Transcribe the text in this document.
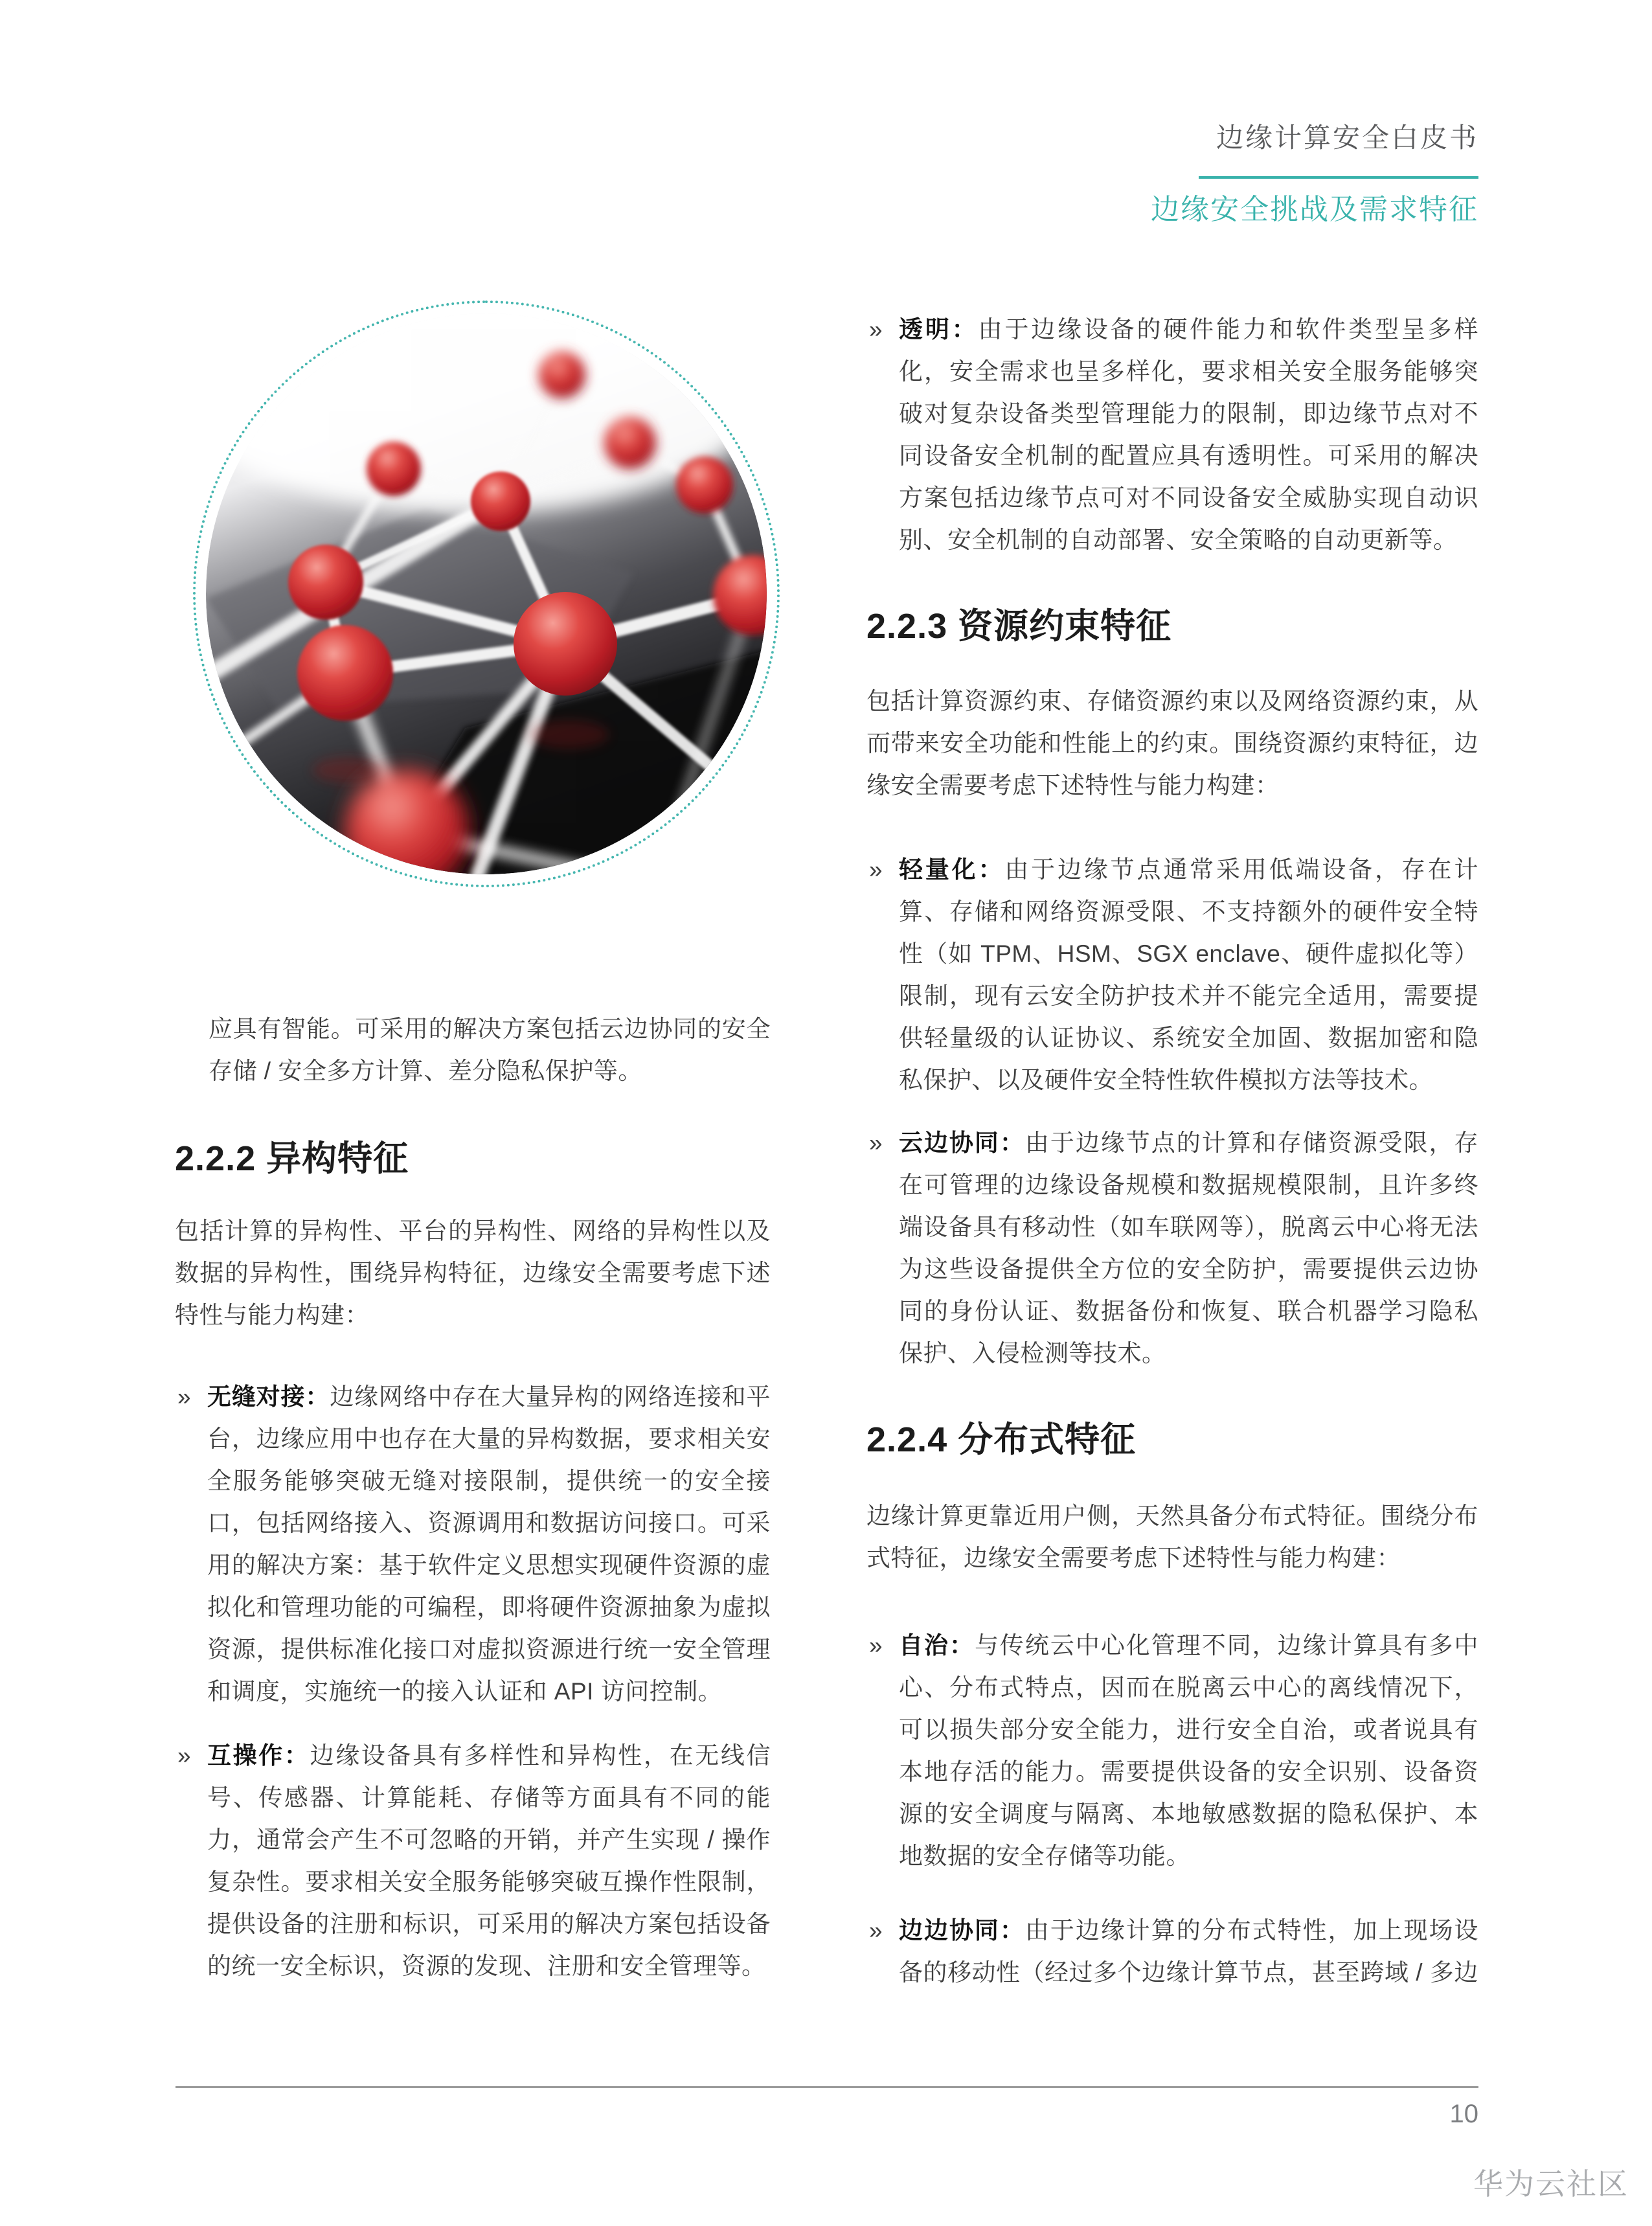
边缘计算安全白皮书
边缘安全挑战及需求特征

应具有智能。可采用的解决方案包括云边协同的安全存储 / 安全多方计算、差分隐私保护等。

2.2.2 异构特征

包括计算的异构性、平台的异构性、网络的异构性以及数据的异构性，围绕异构特征，边缘安全需要考虑下述特性与能力构建：

» 无缝对接：边缘网络中存在大量异构的网络连接和平台，边缘应用中也存在大量的异构数据，要求相关安全服务能够突破无缝对接限制，提供统一的安全接口，包括网络接入、资源调用和数据访问接口。可采用的解决方案：基于软件定义思想实现硬件资源的虚拟化和管理功能的可编程，即将硬件资源抽象为虚拟资源，提供标准化接口对虚拟资源进行统一安全管理和调度，实施统一的接入认证和 API 访问控制。

» 互操作：边缘设备具有多样性和异构性，在无线信号、传感器、计算能耗、存储等方面具有不同的能力，通常会产生不可忽略的开销，并产生实现 / 操作复杂性。要求相关安全服务能够突破互操作性限制，提供设备的注册和标识，可采用的解决方案包括设备的统一安全标识，资源的发现、注册和安全管理等。

» 透明：由于边缘设备的硬件能力和软件类型呈多样化，安全需求也呈多样化，要求相关安全服务能够突破对复杂设备类型管理能力的限制，即边缘节点对不同设备安全机制的配置应具有透明性。可采用的解决方案包括边缘节点可对不同设备安全威胁实现自动识别、安全机制的自动部署、安全策略的自动更新等。

2.2.3 资源约束特征

包括计算资源约束、存储资源约束以及网络资源约束，从而带来安全功能和性能上的约束。围绕资源约束特征，边缘安全需要考虑下述特性与能力构建：

» 轻量化：由于边缘节点通常采用低端设备，存在计算、存储和网络资源受限、不支持额外的硬件安全特性（如 TPM、HSM、SGX enclave、硬件虚拟化等）限制，现有云安全防护技术并不能完全适用，需要提供轻量级的认证协议、系统安全加固、数据加密和隐私保护、以及硬件安全特性软件模拟方法等技术。

» 云边协同：由于边缘节点的计算和存储资源受限，存在可管理的边缘设备规模和数据规模限制，且许多终端设备具有移动性（如车联网等），脱离云中心将无法为这些设备提供全方位的安全防护，需要提供云边协同的身份认证、数据备份和恢复、联合机器学习隐私保护、入侵检测等技术。

2.2.4 分布式特征

边缘计算更靠近用户侧，天然具备分布式特征。围绕分布式特征，边缘安全需要考虑下述特性与能力构建：

» 自治：与传统云中心化管理不同，边缘计算具有多中心、分布式特点，因而在脱离云中心的离线情况下，可以损失部分安全能力，进行安全自治，或者说具有本地存活的能力。需要提供设备的安全识别、设备资源的安全调度与隔离、本地敏感数据的隐私保护、本地数据的安全存储等功能。

» 边边协同：由于边缘计算的分布式特性，加上现场设备的移动性（经过多个边缘计算节点，甚至跨域 / 多边

10
华为云社区
